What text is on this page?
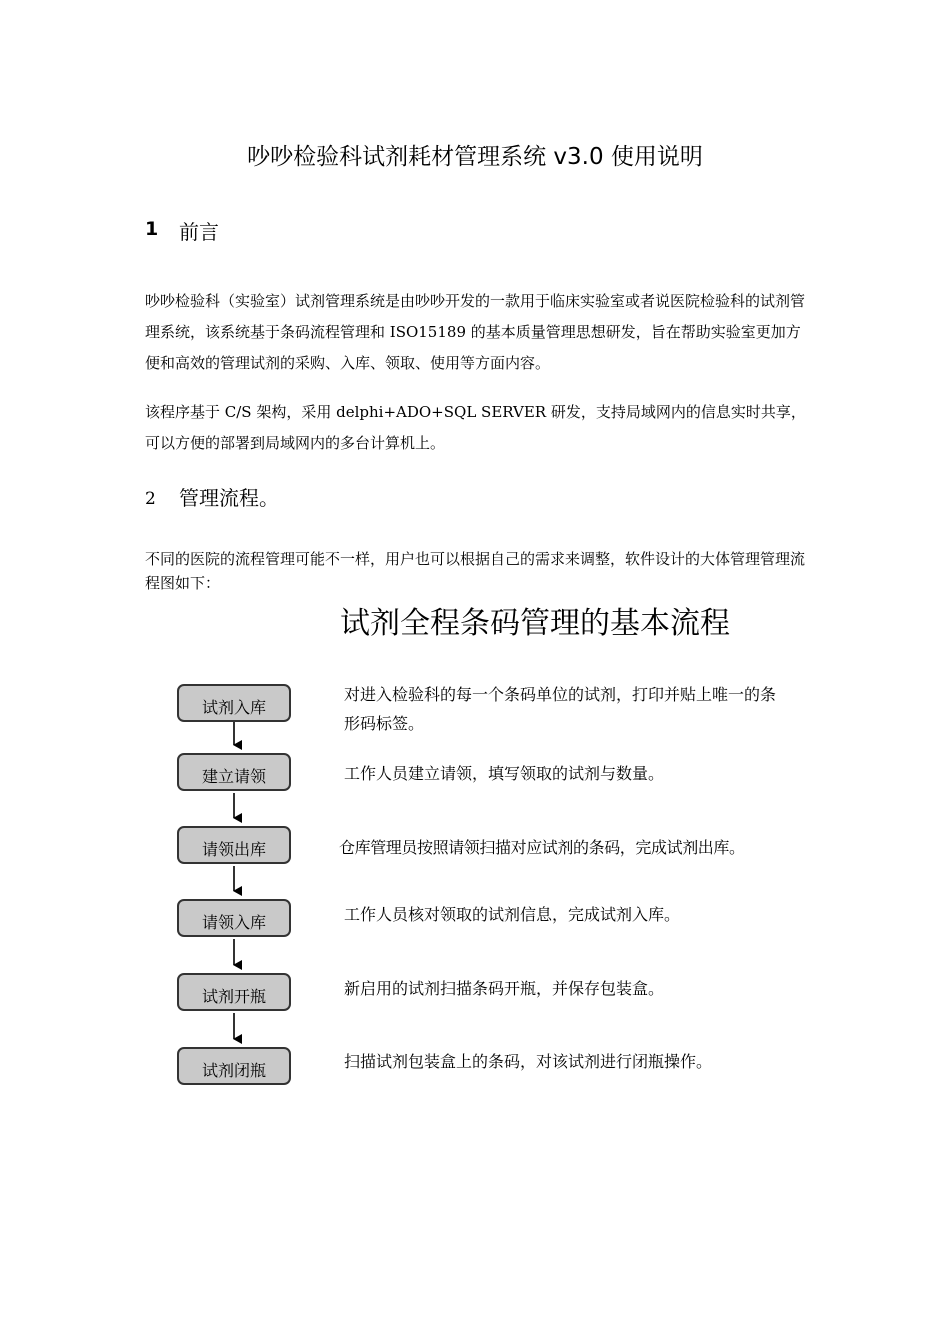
吵吵检验科试剂耗材管理系统 v3.0 使用说明
1 前言

吵吵检验科（实验室）试剂管理系统是由吵吵开发的一款用于临床实验室或者说医院检验科的试剂管理系统，该系统基于条码流程管理和 ISO15189 的基本质量管理思想研发，旨在帮助实验室更加方便和高效的管理试剂的采购、入库、领取、使用等方面内容。

该程序基于 C/S 架构，采用 delphi+ADO+SQL SERVER 研发，支持局域网内的信息实时共享，可以方便的部署到局域网内的多台计算机上。

2 管理流程。

不同的医院的流程管理可能不一样，用户也可以根据自己的需求来调整，软件设计的大体管理管理流程图如下：

试剂全程条码管理的基本流程
试剂入库
建立请领
请领出库
请领入库
试剂开瓶
试剂闭瓶
对进入检验科的每一个条码单位的试剂，打印并贴上唯一的条形码标签。
工作人员建立请领，填写领取的试剂与数量。
仓库管理员按照请领扫描对应试剂的条码，完成试剂出库。
工作人员核对领取的试剂信息，完成试剂入库。
新启用的试剂扫描条码开瓶，并保存包装盒。
扫描试剂包装盒上的条码，对该试剂进行闭瓶操作。
